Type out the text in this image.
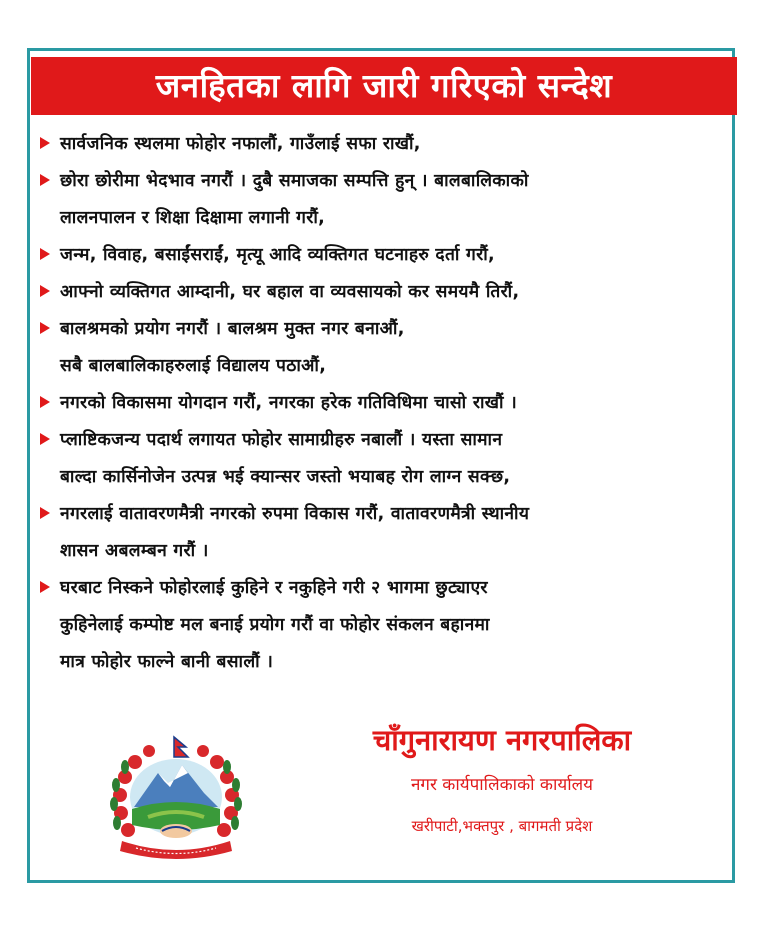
जनहितका लागि जारी गरिएको सन्देश
सार्वजनिक स्थलमा फोहोर नफालौं, गाउँलाई सफा राखौं,
छोरा छोरीमा भेदभाव नगरौं । दुबै समाजका सम्पत्ति हुन् । बालबालिकाको
लालनपालन र शिक्षा दिक्षामा लगानी गरौं,
जन्म, विवाह, बसाईंसराईं, मृत्यू आदि व्यक्तिगत घटनाहरु दर्ता गरौं,
आफ्नो व्यक्तिगत आम्दानी, घर बहाल वा व्यवसायको कर समयमै तिरौं,
बालश्रमको प्रयोग नगरौं । बालश्रम मुक्त नगर बनाऔं,
सबै बालबालिकाहरुलाई विद्यालय पठाऔं,
नगरको विकासमा योगदान गरौं, नगरका हरेक गतिविधिमा चासो राखौं ।
प्लाष्टिकजन्य पदार्थ लगायत फोहोर सामाग्रीहरु नबालौं । यस्ता सामान
बाल्दा कार्सिनोजेन उत्पन्न भई क्यान्सर जस्तो भयाबह रोग लाग्न सक्छ,
नगरलाई वातावरणमैत्री नगरको रुपमा विकास गरौं, वातावरणमैत्री स्थानीय
शासन अबलम्बन गरौं ।
घरबाट निस्कने फोहोरलाई कुहिने र नकुहिने गरी २ भागमा छुट्याएर
कुहिनेलाई कम्पोष्ट मल बनाई प्रयोग गरौं वा फोहोर संकलन बहानमा
मात्र फोहोर फाल्ने बानी बसालौं ।
चाँगुनारायण नगरपालिका
नगर कार्यपालिकाको कार्यालय
खरीपाटी,भक्तपुर , बागमती प्रदेश
